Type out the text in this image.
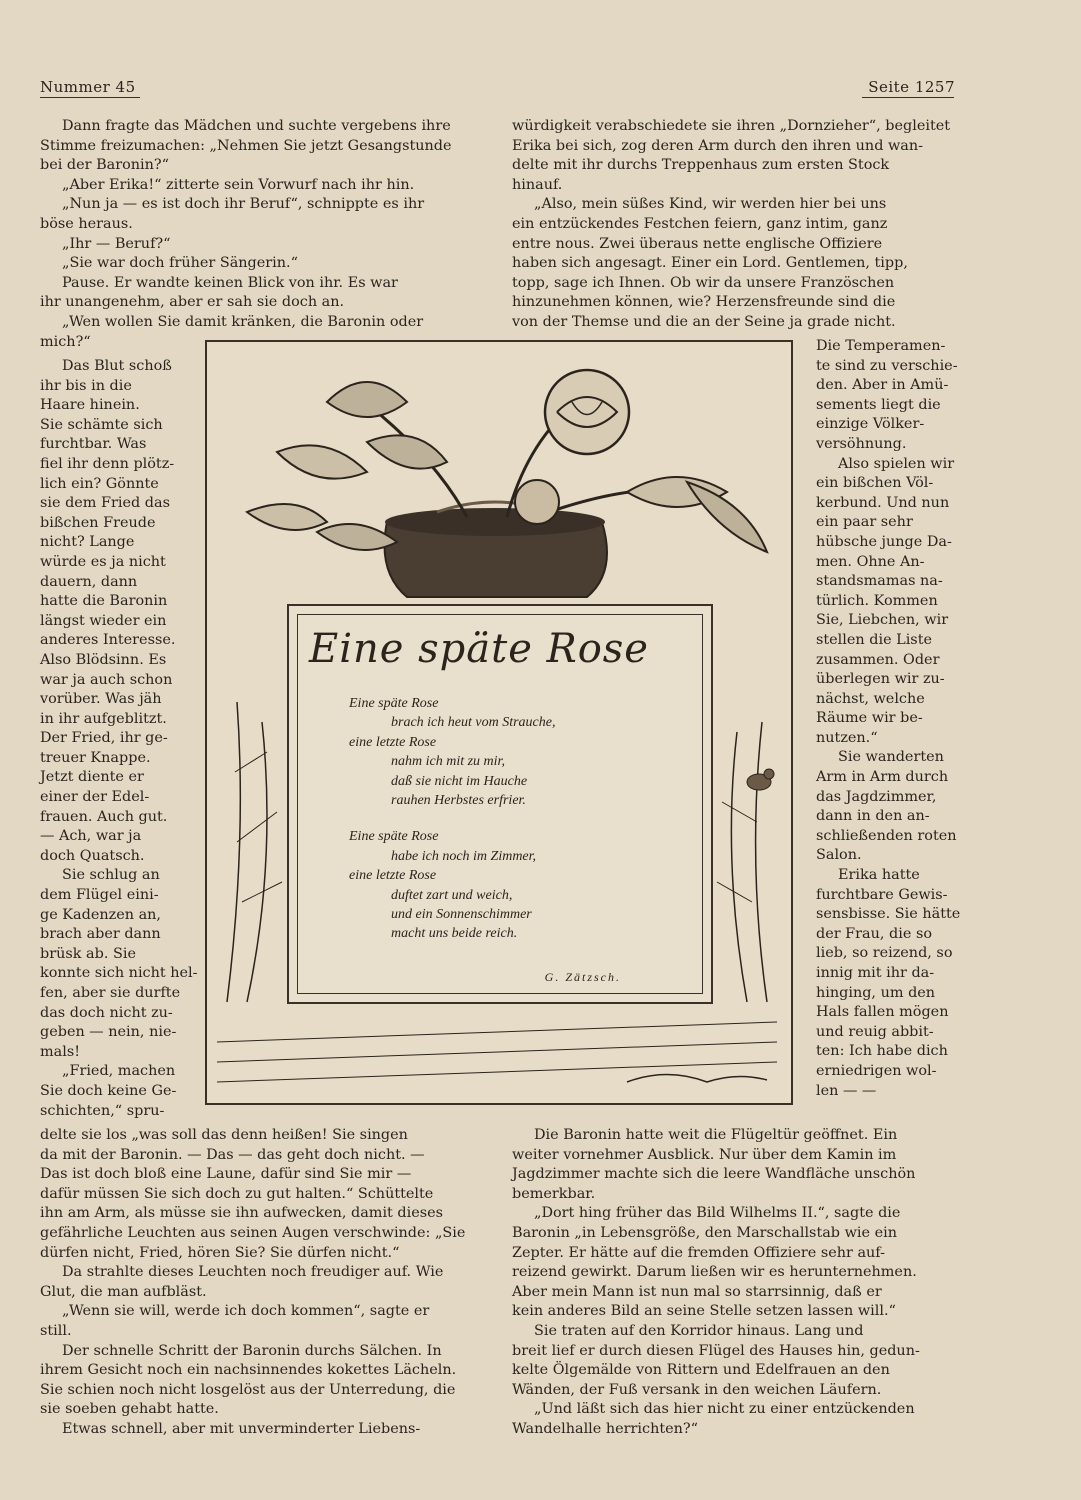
Nummer 45	Seite 1257
Dann fragte das Mädchen und suchte vergebens ihre
Stimme freizumachen: „Nehmen Sie jetzt Gesangstunde
bei der Baronin?“
„Aber Erika!“ zitterte sein Vorwurf nach ihr hin.
„Nun ja — es ist doch ihr Beruf“, schnippte es ihr
böse heraus.
„Ihr — Beruf?“
„Sie war doch früher Sängerin.“
Pause. Er wandte keinen Blick von ihr. Es war
ihr unangenehm, aber er sah sie doch an.
„Wen wollen Sie damit kränken, die Baronin oder
mich?“
Das Blut schoß
ihr bis in die
Haare hinein.
Sie schämte sich
furchtbar. Was
fiel ihr denn plötz-
lich ein? Gönnte
sie dem Fried das
bißchen Freude
nicht? Lange
würde es ja nicht
dauern, dann
hatte die Baronin
längst wieder ein
anderes Interesse.
Also Blödsinn. Es
war ja auch schon
vorüber. Was jäh
in ihr aufgeblitzt.
Der Fried, ihr ge-
treuer Knappe.
Jetzt diente er
einer der Edel-
frauen. Auch gut.
— Ach, war ja
doch Quatsch.
Sie schlug an
dem Flügel eini-
ge Kadenzen an,
brach aber dann
brüsk ab. Sie
konnte sich nicht hel-
fen, aber sie durfte
das doch nicht zu-
geben — nein, nie-
mals!
„Fried, machen
Sie doch keine Ge-
schichten,“ spru-
delte sie los „was soll das denn heißen! Sie singen
da mit der Baronin. — Das — das geht doch nicht. —
Das ist doch bloß eine Laune, dafür sind Sie mir —
dafür müssen Sie sich doch zu gut halten.“ Schüttelte
ihn am Arm, als müsse sie ihn aufwecken, damit dieses
gefährliche Leuchten aus seinen Augen verschwinde: „Sie
dürfen nicht, Fried, hören Sie? Sie dürfen nicht.“
Da strahlte dieses Leuchten noch freudiger auf. Wie
Glut, die man aufbläst.
„Wenn sie will, werde ich doch kommen“, sagte er
still.
Der schnelle Schritt der Baronin durchs Sälchen. In
ihrem Gesicht noch ein nachsinnendes kokettes Lächeln.
Sie schien noch nicht losgelöst aus der Unterredung, die
sie soeben gehabt hatte.
Etwas schnell, aber mit unverminderter Liebens-
würdigkeit verabschiedete sie ihren „Dornzieher“, begleitet
Erika bei sich, zog deren Arm durch den ihren und wan-
delte mit ihr durchs Treppenhaus zum ersten Stock
hinauf.
„Also, mein süßes Kind, wir werden hier bei uns
ein entzückendes Festchen feiern, ganz intim, ganz
entre nous. Zwei überaus nette englische Offiziere
haben sich angesagt. Einer ein Lord. Gentlemen, tipp,
topp, sage ich Ihnen. Ob wir da unsere Französchen
hinzunehmen können, wie? Herzensfreunde sind die
von der Themse und die an der Seine ja grade nicht.
Die Temperamen-
te sind zu verschie-
den. Aber in Amü-
sements liegt die
einzige Völker-
versöhnung.
Also spielen wir
ein bißchen Völ-
kerbund. Und nun
ein paar sehr
hübsche junge Da-
men. Ohne An-
standsmamas na-
türlich. Kommen
Sie, Liebchen, wir
stellen die Liste
zusammen. Oder
überlegen wir zu-
nächst, welche
Räume wir be-
nutzen.“
Sie wanderten
Arm in Arm durch
das Jagdzimmer,
dann in den an-
schließenden roten
Salon.
Erika hatte
furchtbare Gewis-
sensbisse. Sie hätte
der Frau, die so
lieb, so reizend, so
innig mit ihr da-
hinging, um den
Hals fallen mögen
und reuig abbit-
ten: Ich habe dich
erniedrigen wol-
len — —
Die Baronin hatte weit die Flügeltür geöffnet. Ein
weiter vornehmer Ausblick. Nur über dem Kamin im
Jagdzimmer machte sich die leere Wandfläche unschön
bemerkbar.
„Dort hing früher das Bild Wilhelms II.“, sagte die
Baronin „in Lebensgröße, den Marschallstab wie ein
Zepter. Er hätte auf die fremden Offiziere sehr auf-
reizend gewirkt. Darum ließen wir es herunternehmen.
Aber mein Mann ist nun mal so starrsinnig, daß er
kein anderes Bild an seine Stelle setzen lassen will.“
Sie traten auf den Korridor hinaus. Lang und
breit lief er durch diesen Flügel des Hauses hin, gedun-
kelte Ölgemälde von Rittern und Edelfrauen an den
Wänden, der Fuß versank in den weichen Läufern.
„Und läßt sich das hier nicht zu einer entzückenden
Wandelhalle herrichten?“
Eine späte Rose
Eine späte Rose
brach ich heut vom Strauche,
eine letzte Rose
nahm ich mit zu mir,
daß sie nicht im Hauche
rauhen Herbstes erfrier.
Eine späte Rose
habe ich noch im Zimmer,
eine letzte Rose
duftet zart und weich,
und ein Sonnenschimmer
macht uns beide reich.
G. Zätzsch.
